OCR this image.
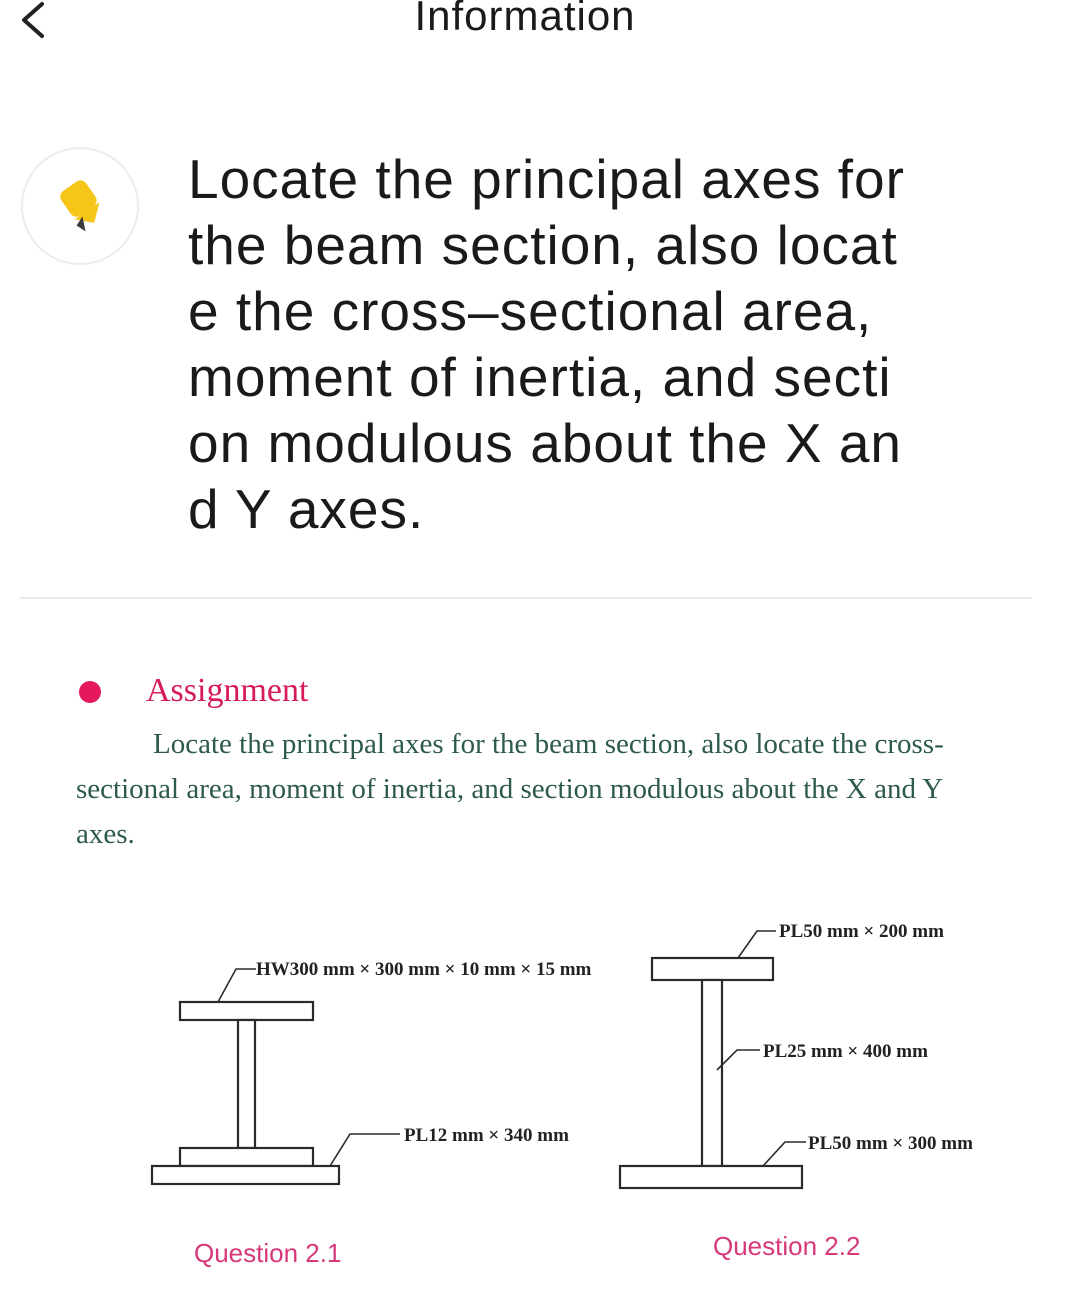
Information
Locate the principal axes for
the beam section, also locat
e the cross–sectional area,
moment of inertia, and secti
on modulous about the X an
d Y axes.
Assignment
Locate the principal axes for the beam section, also locate the cross-sectional area, moment of inertia, and section modulous about the X and Y axes.
HW300 mm × 300 mm × 10 mm × 15 mm
PL12 mm × 340 mm
PL50 mm × 200 mm
PL25 mm × 400 mm
PL50 mm × 300 mm
Question 2.1	Question 2.2
